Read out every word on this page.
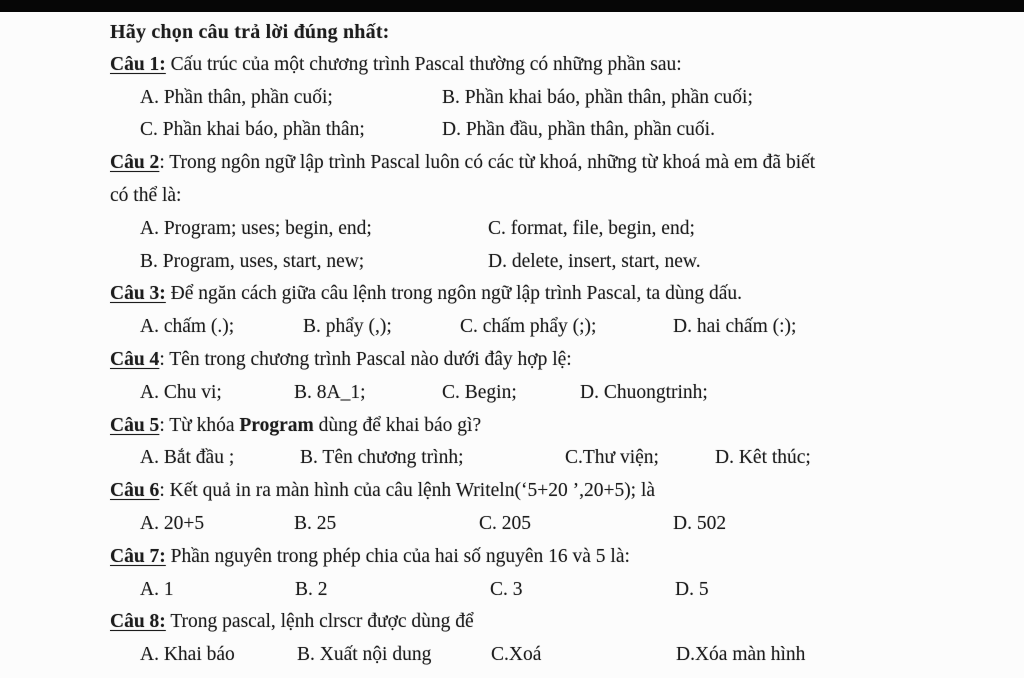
Hãy chọn câu trả lời đúng nhất:
Câu 1: Cấu trúc của một chương trình Pascal thường có những phần sau:
A. Phần thân, phần cuối;	B. Phần khai báo, phần thân, phần cuối;
C. Phần khai báo, phần thân;	D. Phần đầu, phần thân, phần cuối.
Câu 2: Trong ngôn ngữ lập trình Pascal luôn có các từ khoá, những từ khoá mà em đã biết
có thể là:
A. Program; uses; begin, end;	C. format, file, begin, end;
B. Program, uses, start, new;	D. delete, insert, start, new.
Câu 3: Để ngăn cách giữa câu lệnh trong ngôn ngữ lập trình Pascal, ta dùng dấu.
A. chấm (.);	B. phẩy (,);	C. chấm phẩy (;);	D. hai chấm (:);
Câu 4: Tên trong chương trình Pascal nào dưới đây hợp lệ:
A. Chu vi;	B. 8A_1;	C. Begin;	D. Chuongtrinh;
Câu 5: Từ khóa Program dùng để khai báo gì?
A. Bắt đầu ;	B. Tên chương trình;	C.Thư viện;	D. Kêt thúc;
Câu 6: Kết quả in ra màn hình của câu lệnh Writeln(‘5+20 ’,20+5); là
A. 20+5	B. 25	C. 205	D. 502
Câu 7: Phần nguyên trong phép chia của hai số nguyên 16 và 5 là:
A. 1	B. 2	C. 3	D. 5
Câu 8: Trong pascal, lệnh clrscr được dùng để
A. Khai báo	B. Xuất nội dung	C.Xoá	D.Xóa màn hình
